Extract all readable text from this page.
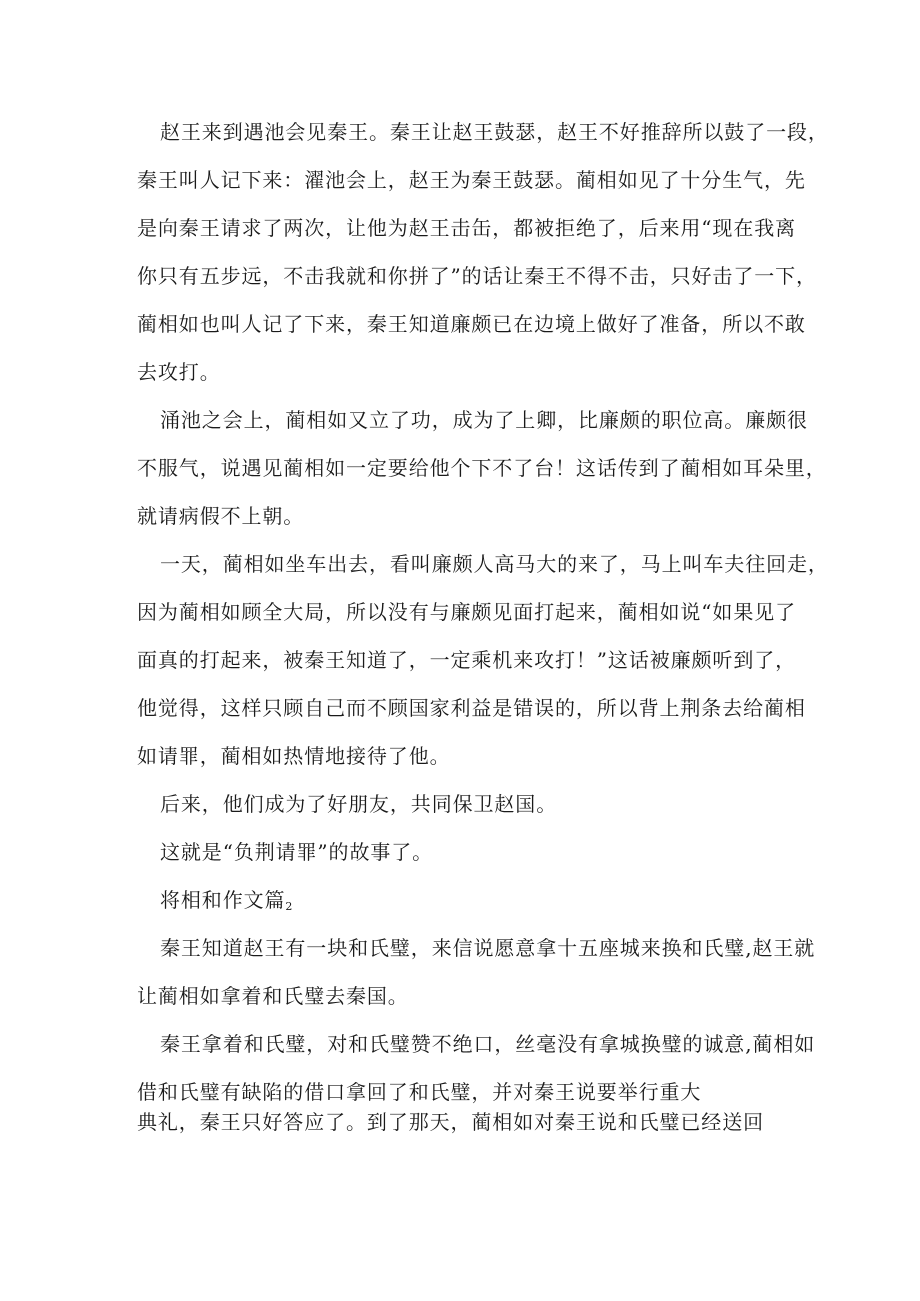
赵王来到遇池会见秦王。秦王让赵王鼓瑟，赵王不好推辞所以鼓了一段，
秦王叫人记下来：濯池会上，赵王为秦王鼓瑟。蔺相如见了十分生气，先
是向秦王请求了两次，让他为赵王击缶，都被拒绝了，后来用“现在我离
你只有五步远，不击我就和你拼了”的话让秦王不得不击，只好击了一下，
蔺相如也叫人记了下来，秦王知道廉颇已在边境上做好了准备，所以不敢
去攻打。
涌池之会上，蔺相如又立了功，成为了上卿，比廉颇的职位高。廉颇很
不服气，说遇见蔺相如一定要给他个下不了台！这话传到了蔺相如耳朵里，
就请病假不上朝。
一天，蔺相如坐车出去，看叫廉颇人高马大的来了，马上叫车夫往回走，
因为蔺相如顾全大局，所以没有与廉颇见面打起来，蔺相如说“如果见了
面真的打起来，被秦王知道了，一定乘机来攻打！”这话被廉颇听到了，
他觉得，这样只顾自己而不顾国家利益是错误的，所以背上荆条去给蔺相
如请罪，蔺相如热情地接待了他。
后来，他们成为了好朋友，共同保卫赵国。
这就是“负荆请罪”的故事了。
将相和作文篇$_2$
秦王知道赵王有一块和氏璧，来信说愿意拿十五座城来换和氏璧,赵王就
让蔺相如拿着和氏璧去秦国。
秦王拿着和氏璧，对和氏璧赞不绝口，丝毫没有拿城换璧的诚意,蔺相如
借和氏璧有缺陷的借口拿回了和氏璧，并对秦王说要举行重大
典礼，秦王只好答应了。到了那天，蔺相如对秦王说和氏璧已经送回
